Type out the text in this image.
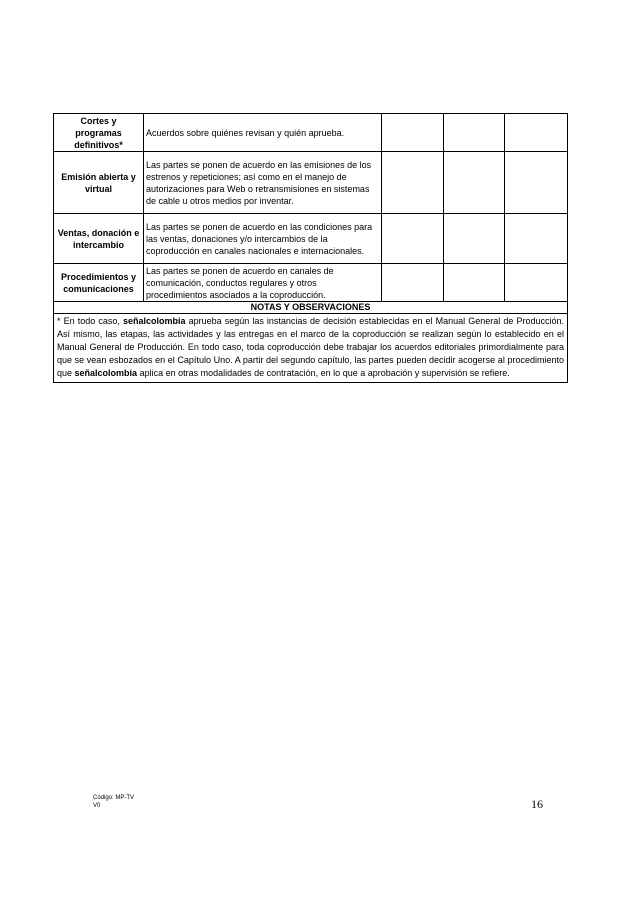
Cortes y programas definitivos*	Acuerdos sobre quiénes revisan y quién aprueba.			
Emisión abierta y virtual	Las partes se ponen de acuerdo en las emisiones de los estrenos y repeticiones; así como en el manejo de autorizaciones para Web o retransmisiones en sistemas de cable u otros medios por inventar.			
Ventas, donación e intercambio	Las partes se ponen de acuerdo en las condiciones para las ventas, donaciones y/o intercambios de la coproducción en canales nacionales e internacionales.			
Procedimientos y comunicaciones	Las partes se ponen de acuerdo en canales de comunicación, conductos regulares y otros procedimientos asociados a la coproducción.			
NOTAS Y OBSERVACIONES				
* En todo caso, señalcolombia aprueba según las instancias de decisión establecidas en el Manual General de Producción. Así mismo, las etapas, las actividades y las entregas en el marco de la coproducción se realizan según lo establecido en el Manual General de Producción. En todo caso, toda coproducción debe trabajar los acuerdos editoriales primordialmente para que se vean esbozados en el Capítulo Uno. A partir del segundo capítulo, las partes pueden decidir acogerse al procedimiento que señalcolombia aplica en otras modalidades de contratación, en lo que a aprobación y supervisión se refiere.				
Código: MP-TV
V0	16
